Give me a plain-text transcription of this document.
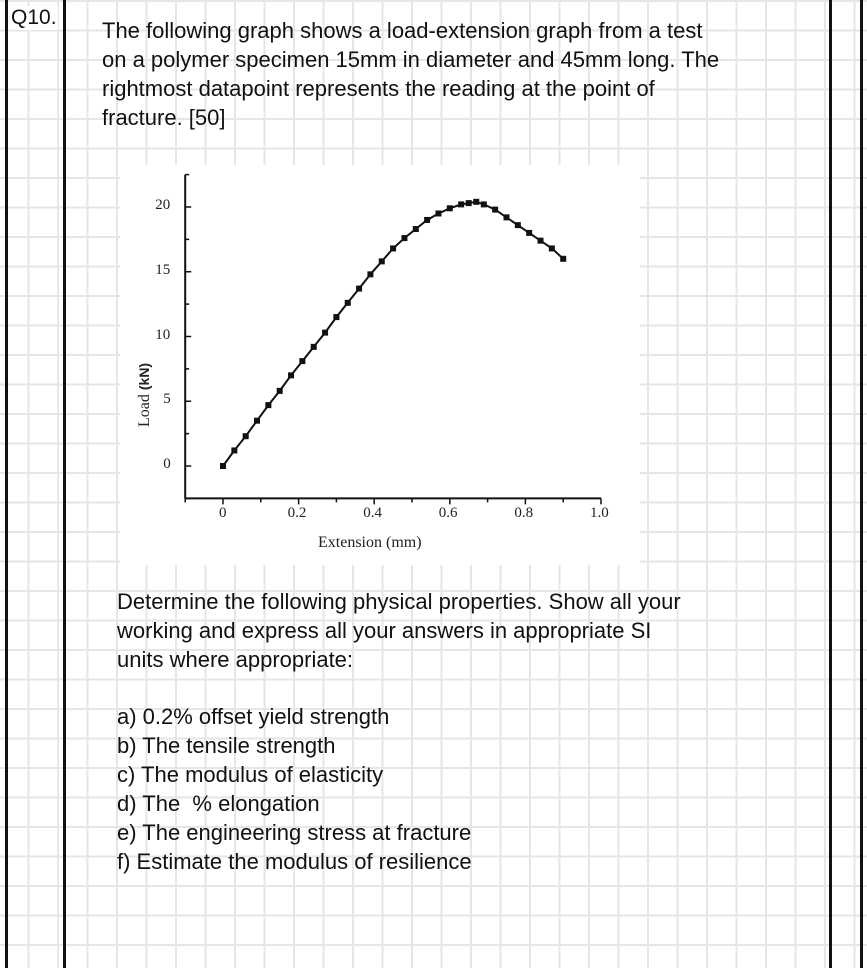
Q10.

The following graph shows a load-extension graph from a test

on a polymer specimen 15mm in diameter and 45mm long. The

rightmost datapoint represents the reading at the point of

fracture. [50]

Load (kN)
0
5
10
15
20
0	0.2	0.4	0.6	0.8	1.0
Extension (mm)

Determine the following physical properties. Show all your

working and express all your answers in appropriate SI

units where appropriate:

a) 0.2% offset yield strength
b) The tensile strength
c) The modulus of elasticity
d) The  % elongation
e) The engineering stress at fracture
f) Estimate the modulus of resilience
